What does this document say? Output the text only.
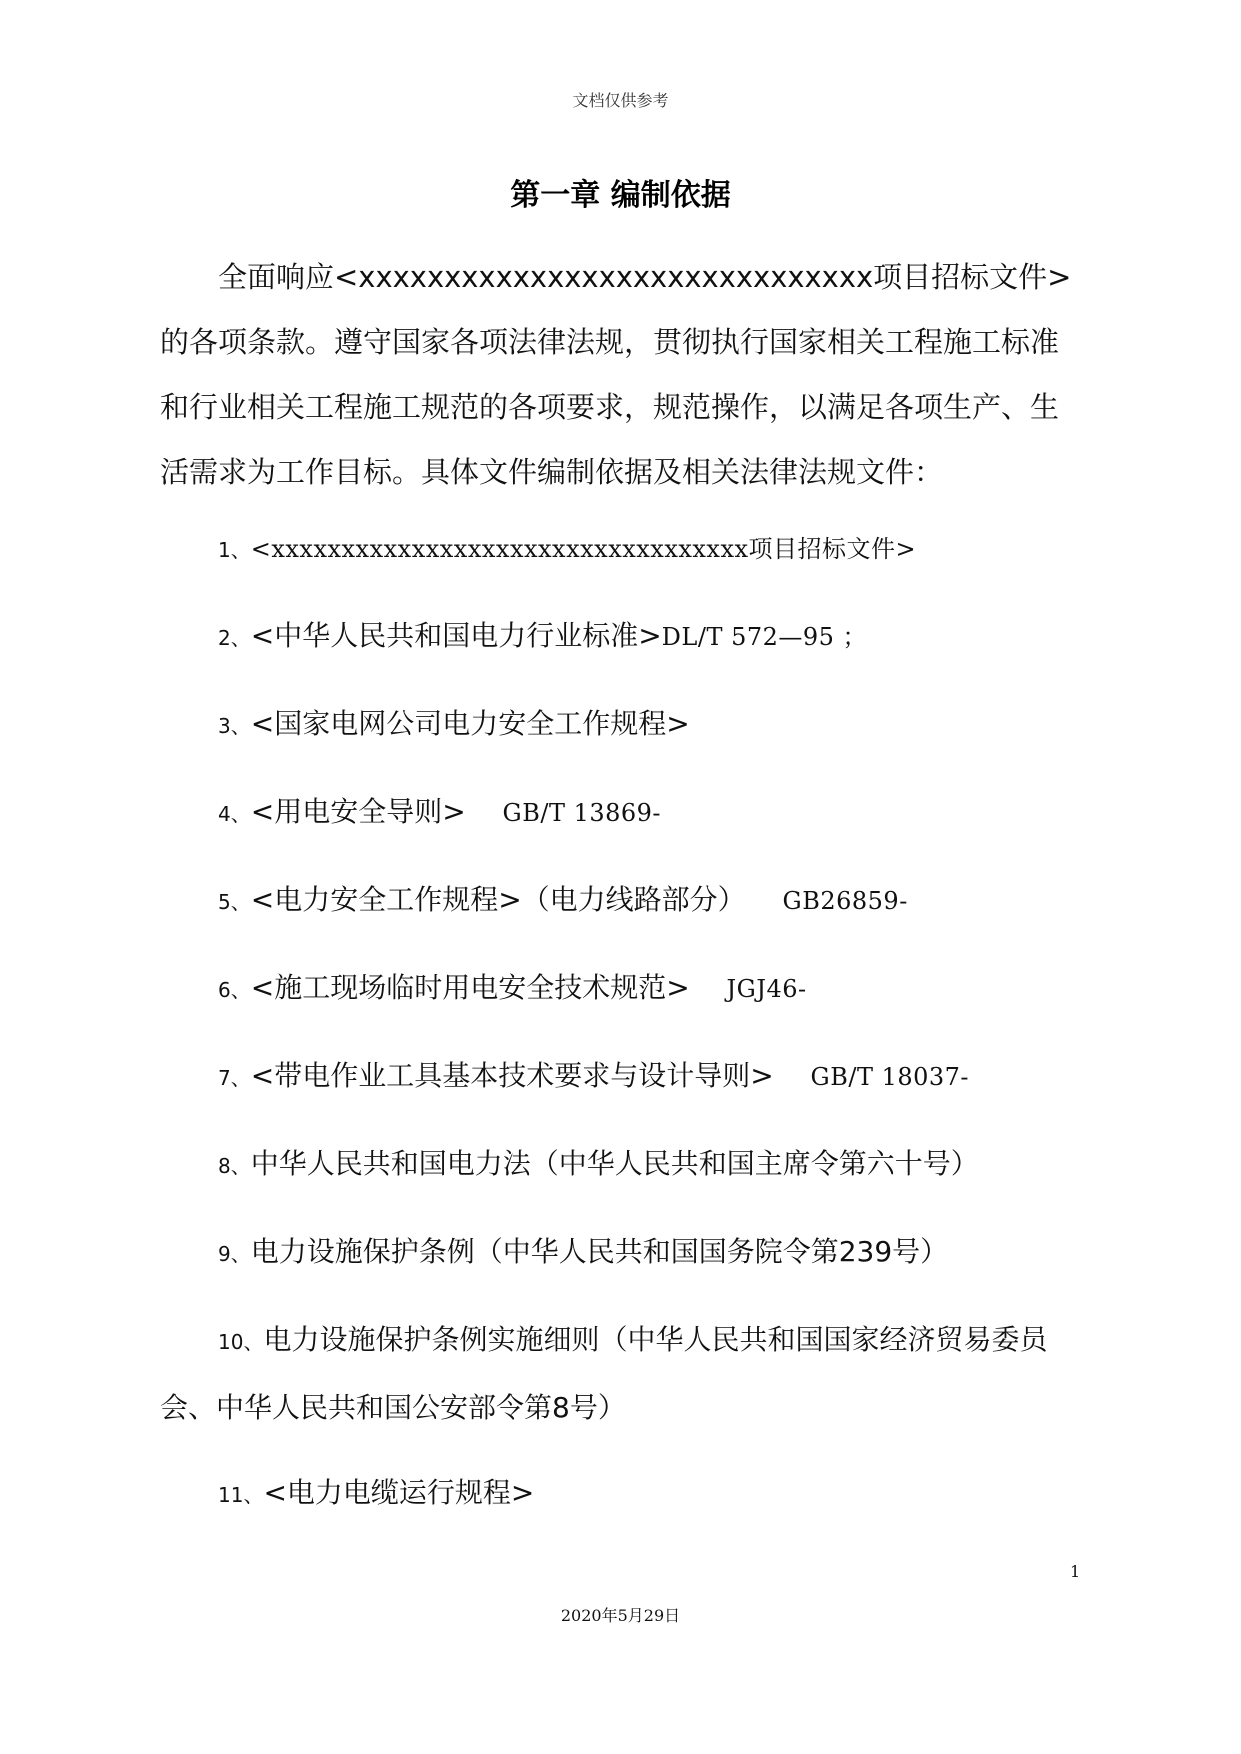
文档仅供参考
第一章 编制依据

全面响应<xxxxxxxxxxxxxxxxxxxxxxxxxxxxxx项目招标文件>的各项条款。遵守国家各项法律法规，贯彻执行国家相关工程施工标准和行业相关工程施工规范的各项要求，规范操作，以满足各项生产、生活需求为工作目标。具体文件编制依据及相关法律法规文件：

1、<xxxxxxxxxxxxxxxxxxxxxxxxxxxxxxxxxx项目招标文件>
2、<中华人民共和国电力行业标准>DL/T 572—95 ；
3、<国家电网公司电力安全工作规程>
4、<用电安全导则> GB/T 13869-
5、<电力安全工作规程>（电力线路部分） GB26859-
6、<施工现场临时用电安全技术规范> JGJ46-
7、<带电作业工具基本技术要求与设计导则> GB/T 18037-
8、中华人民共和国电力法（中华人民共和国主席令第六十号）
9、电力设施保护条例（中华人民共和国国务院令第239号）
10、电力设施保护条例实施细则（中华人民共和国国家经济贸易委员会、中华人民共和国公安部令第8号）
11、<电力电缆运行规程>
1
2020年5月29日
